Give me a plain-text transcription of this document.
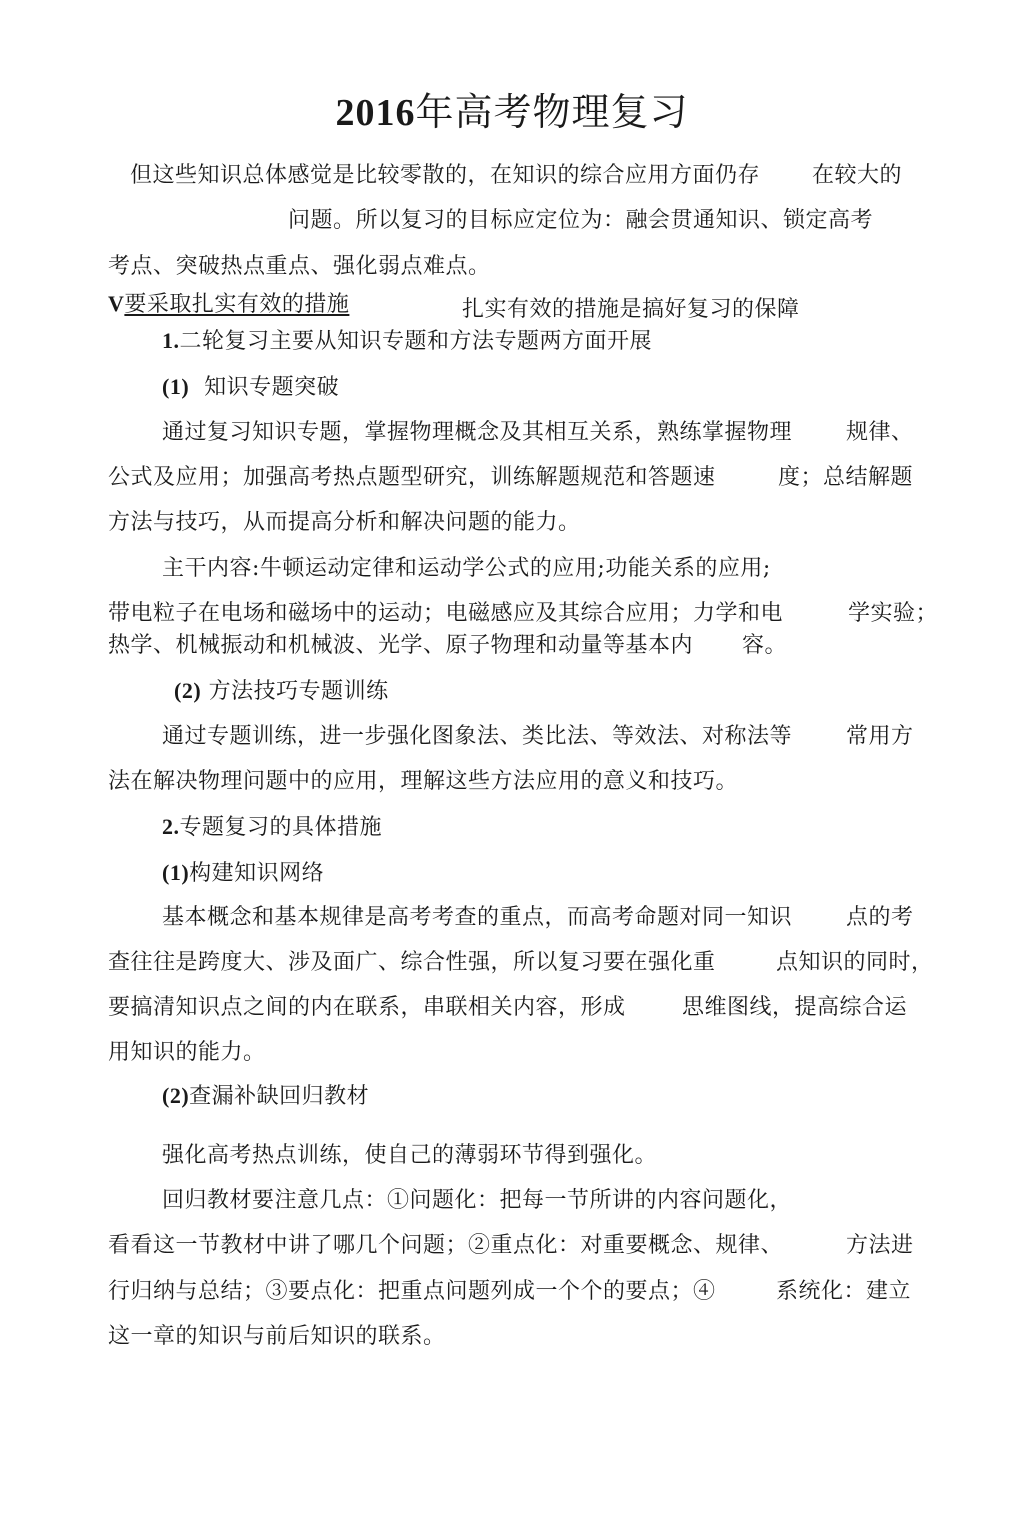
2016年高考物理复习
但这些知识总体感觉是比较零散的，在知识的综合应用方面仍存 在较大的
问题。所以复习的目标应定位为：融会贯通知识、锁定高考
考点、突破热点重点、强化弱点难点。
V要采取扎实有效的措施	扎实有效的措施是搞好复习的保障
1.二轮复习主要从知识专题和方法专题两方面开展
(1) 知识专题突破
通过复习知识专题，掌握物理概念及其相互关系，熟练掌握物理 规律、
公式及应用；加强高考热点题型研究，训练解题规范和答题速	度；总结解题
方法与技巧，从而提高分析和解决问题的能力。
主干内容:牛顿运动定律和运动学公式的应用;功能关系的应用;
带电粒子在电场和磁场中的运动；电磁感应及其综合应用；力学和电	学实验；
热学、机械振动和机械波、光学、原子物理和动量等基本内 容。
(2) 方法技巧专题训练
通过专题训练，进一步强化图象法、类比法、等效法、对称法等 常用方
法在解决物理问题中的应用，理解这些方法应用的意义和技巧。
2.专题复习的具体措施
(1)构建知识网络
基本概念和基本规律是高考考查的重点，而高考命题对同一知识 点的考
查往往是跨度大、涉及面广、综合性强，所以复习要在强化重	点知识的同时，
要搞清知识点之间的内在联系，串联相关内容，形成	思维图线，提高综合运
用知识的能力。
(2)查漏补缺回归教材
强化高考热点训练，使自己的薄弱环节得到强化。
回归教材要注意几点：①问题化：把每一节所讲的内容问题化，
看看这一节教材中讲了哪几个问题；②重点化：对重要概念、规律、	方法进
行归纳与总结；③要点化：把重点问题列成一个个的要点；④	系统化：建立
这一章的知识与前后知识的联系。
